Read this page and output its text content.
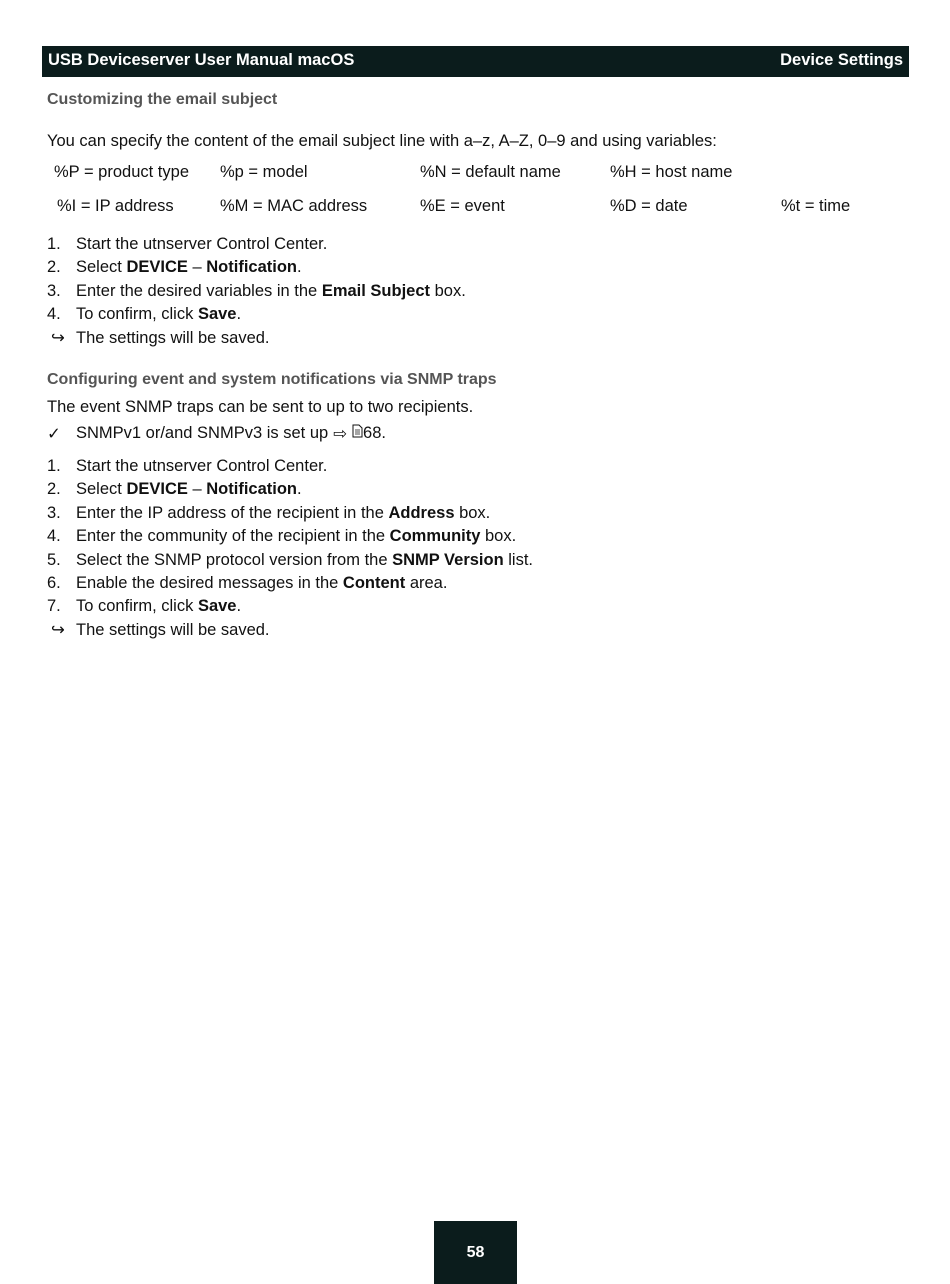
USB Deviceserver User Manual macOS	Device Settings
Customizing the email subject
You can specify the content of the email subject line with a–z, A–Z, 0–9 and using variables:
%P = product type %p = model	%N = default name	%H = host name
%I = IP address	%M = MAC address	%E = event	%D = date	%t = time
1. Start the utnserver Control Center.
2. Select DEVICE – Notification.
3. Enter the desired variables in the Email Subject box.
4. To confirm, click Save.
↪ The settings will be saved.
Configuring event and system notifications via SNMP traps
The event SNMP traps can be sent to up to two recipients.
✓ SNMPv1 or/and SNMPv3 is set up ⇨ 68.
1. Start the utnserver Control Center.
2. Select DEVICE – Notification.
3. Enter the IP address of the recipient in the Address box.
4. Enter the community of the recipient in the Community box.
5. Select the SNMP protocol version from the SNMP Version list.
6. Enable the desired messages in the Content area.
7. To confirm, click Save.
↪ The settings will be saved.
58
